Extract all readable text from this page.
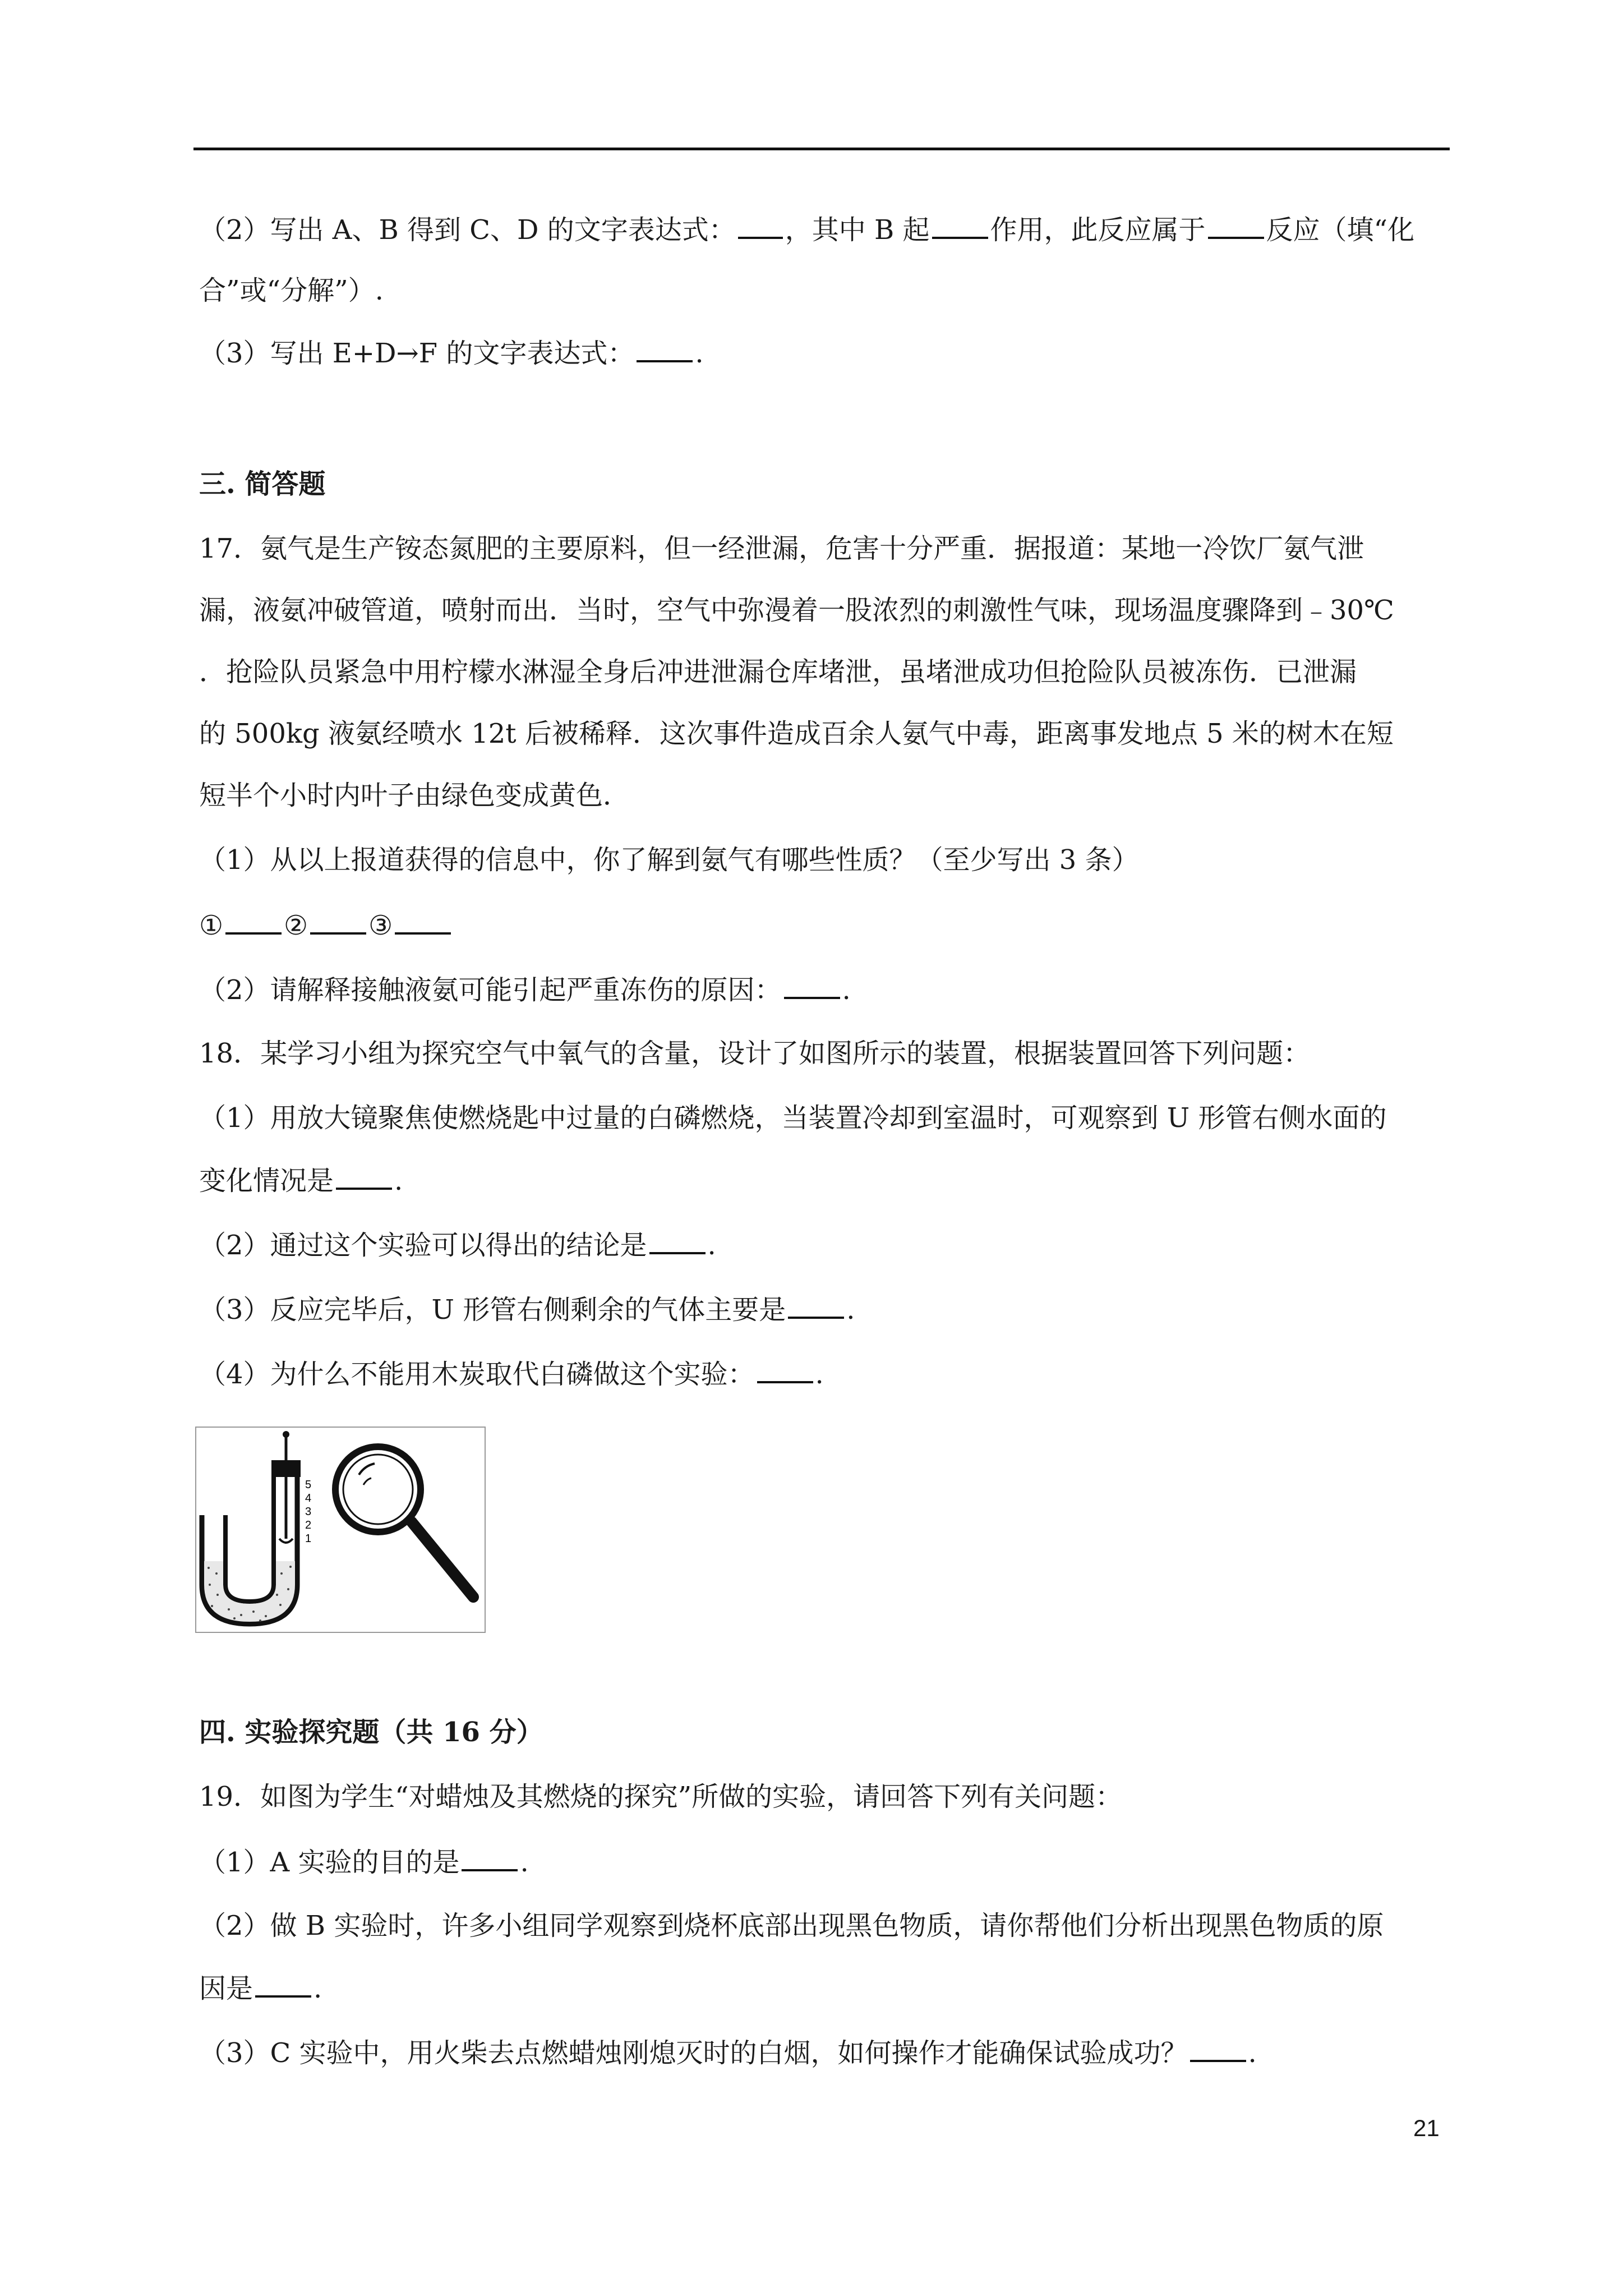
（2）写出 A、B 得到 C、D 的文字表达式： ，其中 B 起 作用，此反应属于 反应（填“化
合”或“分解”）.
（3）写出 E+D→F 的文字表达式： .
三. 简答题
17．氨气是生产铵态氮肥的主要原料，但一经泄漏，危害十分严重．据报道：某地一冷饮厂氨气泄
漏，液氨冲破管道，喷射而出．当时，空气中弥漫着一股浓烈的刺激性气味，现场温度骤降到﹣30℃
．抢险队员紧急中用柠檬水淋湿全身后冲进泄漏仓库堵泄，虽堵泄成功但抢险队员被冻伤．已泄漏
的 500kg 液氨经喷水 12t 后被稀释．这次事件造成百余人氨气中毒，距离事发地点 5 米的树木在短
短半个小时内叶子由绿色变成黄色．
（1）从以上报道获得的信息中，你了解到氨气有哪些性质？（至少写出 3 条）
① ② ③
（2）请解释接触液氨可能引起严重冻伤的原因： .
18．某学习小组为探究空气中氧气的含量，设计了如图所示的装置，根据装置回答下列问题：
（1）用放大镜聚焦使燃烧匙中过量的白磷燃烧，当装置冷却到室温时，可观察到 U 形管右侧水面的
变化情况是 .
（2）通过这个实验可以得出的结论是 .
（3）反应完毕后，U 形管右侧剩余的气体主要是 .
（4）为什么不能用木炭取代白磷做这个实验： .
5
4
3
2
1
四. 实验探究题（共 16 分）
19．如图为学生“对蜡烛及其燃烧的探究”所做的实验，请回答下列有关问题：
（1）A 实验的目的是 .
（2）做 B 实验时，许多小组同学观察到烧杯底部出现黑色物质，请你帮他们分析出现黑色物质的原
因是 .
（3）C 实验中，用火柴去点燃蜡烛刚熄灭时的白烟，如何操作才能确保试验成功？ .
21
